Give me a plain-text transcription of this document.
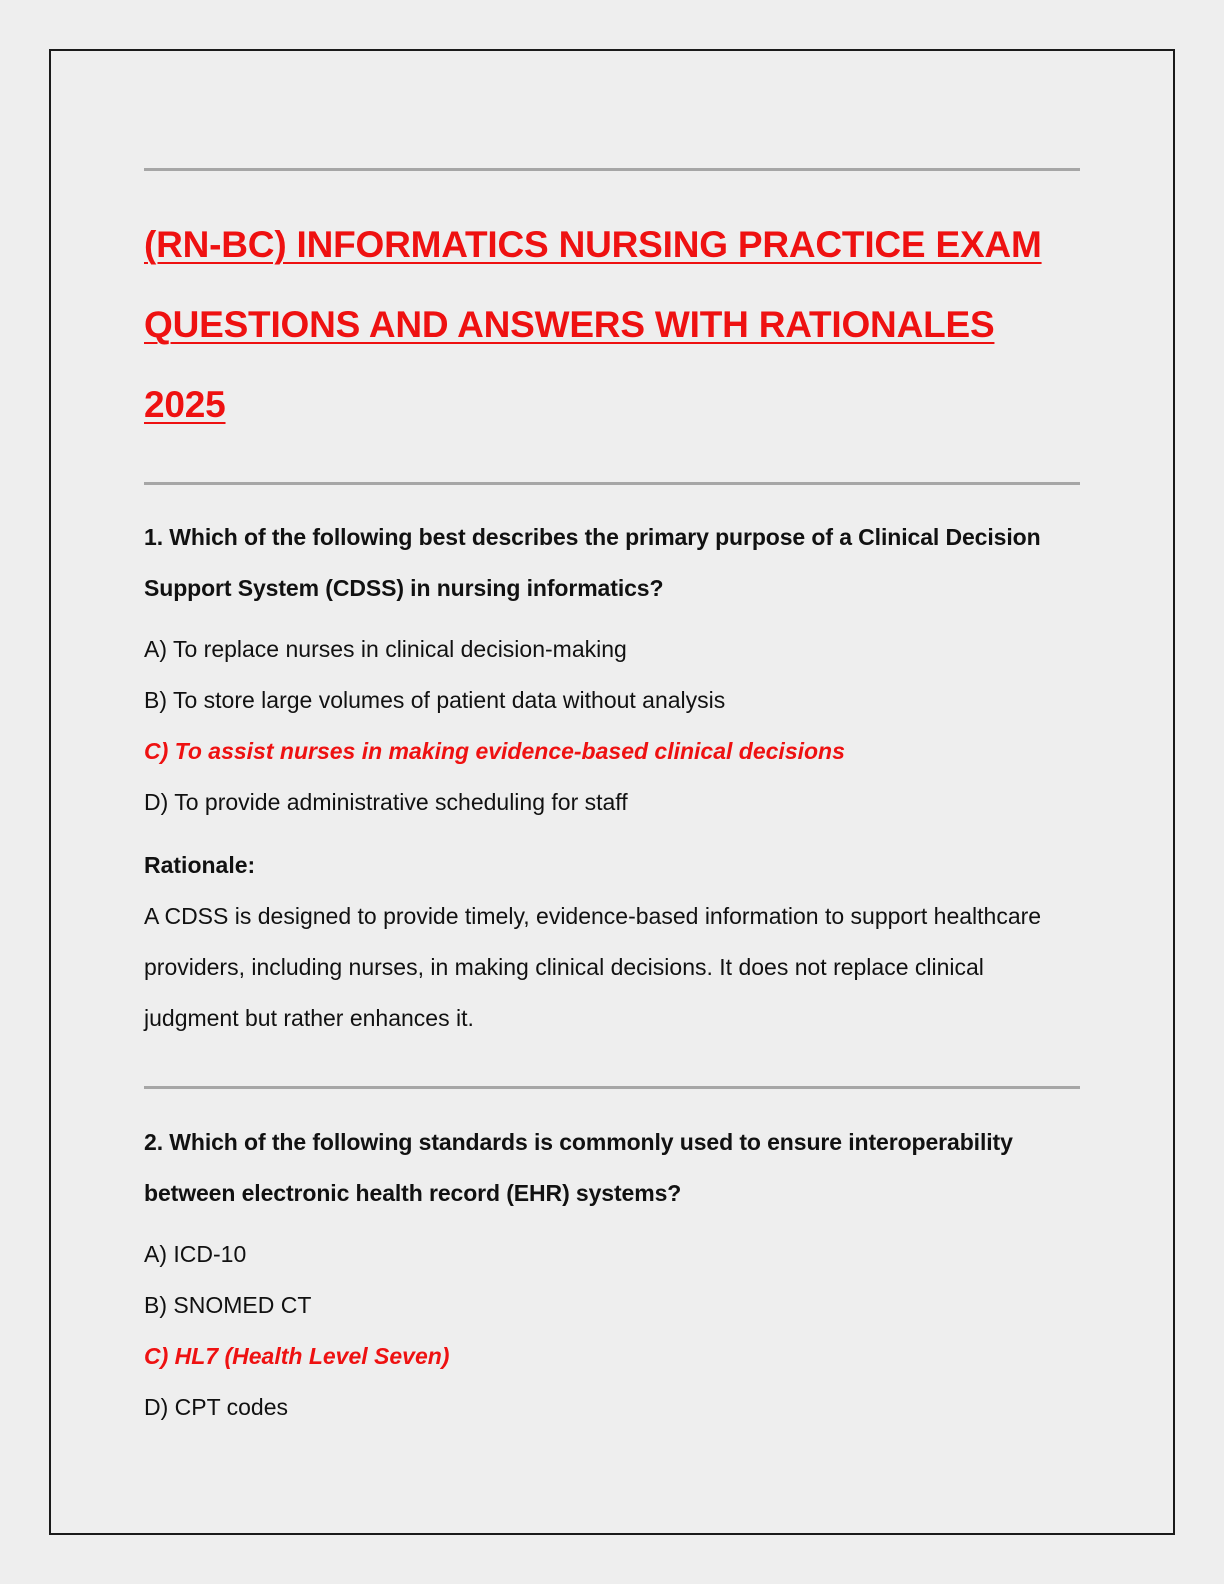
(RN-BC) INFORMATICS NURSING PRACTICE EXAM QUESTIONS AND ANSWERS WITH RATIONALES 2025

1. Which of the following best describes the primary purpose of a Clinical Decision Support System (CDSS) in nursing informatics?

A) To replace nurses in clinical decision-making
B) To store large volumes of patient data without analysis
C) To assist nurses in making evidence-based clinical decisions
D) To provide administrative scheduling for staff

Rationale:

A CDSS is designed to provide timely, evidence-based information to support healthcare providers, including nurses, in making clinical decisions. It does not replace clinical judgment but rather enhances it.

2. Which of the following standards is commonly used to ensure interoperability between electronic health record (EHR) systems?

A) ICD-10
B) SNOMED CT
C) HL7 (Health Level Seven)
D) CPT codes
